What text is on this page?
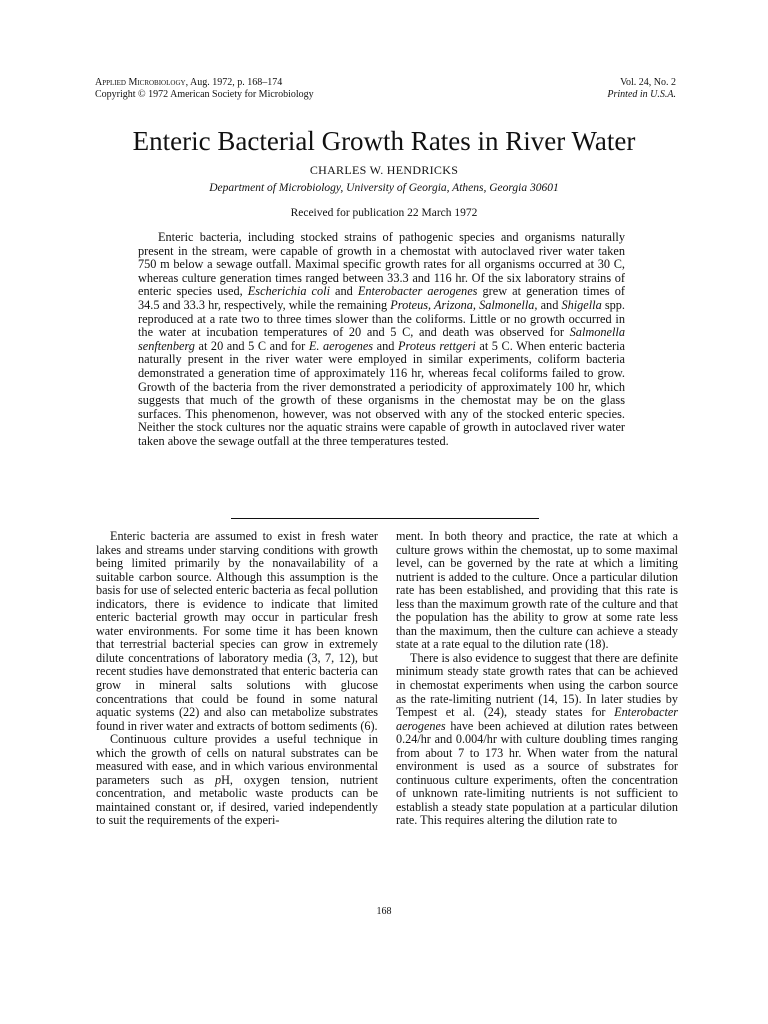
Applied Microbiology, Aug. 1972, p. 168–174
Copyright © 1972 American Society for Microbiology
Vol. 24, No. 2
Printed in U.S.A.
Enteric Bacterial Growth Rates in River Water
CHARLES W. HENDRICKS
Department of Microbiology, University of Georgia, Athens, Georgia 30601
Received for publication 22 March 1972

Enteric bacteria, including stocked strains of pathogenic species and organisms naturally present in the stream, were capable of growth in a chemostat with autoclaved river water taken 750 m below a sewage outfall. Maximal specific growth rates for all organisms occurred at 30 C, whereas culture generation times ranged between 33.3 and 116 hr. Of the six laboratory strains of enteric species used, Escherichia coli and Enterobacter aerogenes grew at generation times of 34.5 and 33.3 hr, respectively, while the remaining Proteus, Arizona, Salmonella, and Shigella spp. reproduced at a rate two to three times slower than the coliforms. Little or no growth occurred in the water at incubation temperatures of 20 and 5 C, and death was observed for Salmonella senftenberg at 20 and 5 C and for E. aerogenes and Proteus rettgeri at 5 C. When enteric bacteria naturally present in the river water were employed in similar experiments, coliform bacteria demonstrated a generation time of approximately 116 hr, whereas fecal coliforms failed to grow. Growth of the bacteria from the river demonstrated a periodicity of approximately 100 hr, which suggests that much of the growth of these organisms in the chemostat may be on the glass surfaces. This phenomenon, however, was not observed with any of the stocked enteric species. Neither the stock cultures nor the aquatic strains were capable of growth in autoclaved river water taken above the sewage outfall at the three temperatures tested.

Enteric bacteria are assumed to exist in fresh water lakes and streams under starving conditions with growth being limited primarily by the nonavailability of a suitable carbon source. Although this assumption is the basis for use of selected enteric bacteria as fecal pollution indicators, there is evidence to indicate that limited enteric bacterial growth may occur in particular fresh water environments. For some time it has been known that terrestrial bacterial species can grow in extremely dilute concentrations of laboratory media (3, 7, 12), but recent studies have demonstrated that enteric bacteria can grow in mineral salts solutions with glucose concentrations that could be found in some natural aquatic systems (22) and also can metabolize substrates found in river water and extracts of bottom sediments (6).

Continuous culture provides a useful technique in which the growth of cells on natural substrates can be measured with ease, and in which various environmental parameters such as pH, oxygen tension, nutrient concentration, and metabolic waste products can be maintained constant or, if desired, varied independently to suit the requirements of the experi-

ment. In both theory and practice, the rate at which a culture grows within the chemostat, up to some maximal level, can be governed by the rate at which a limiting nutrient is added to the culture. Once a particular dilution rate has been established, and providing that this rate is less than the maximum growth rate of the culture and that the population has the ability to grow at some rate less than the maximum, then the culture can achieve a steady state at a rate equal to the dilution rate (18).

There is also evidence to suggest that there are definite minimum steady state growth rates that can be achieved in chemostat experiments when using the carbon source as the rate-limiting nutrient (14, 15). In later studies by Tempest et al. (24), steady states for Enterobacter aerogenes have been achieved at dilution rates between 0.24/hr and 0.004/hr with culture doubling times ranging from about 7 to 173 hr. When water from the natural environment is used as a source of substrates for continuous culture experiments, often the concentration of unknown rate-limiting nutrients is not sufficient to establish a steady state population at a particular dilution rate. This requires altering the dilution rate to

168
